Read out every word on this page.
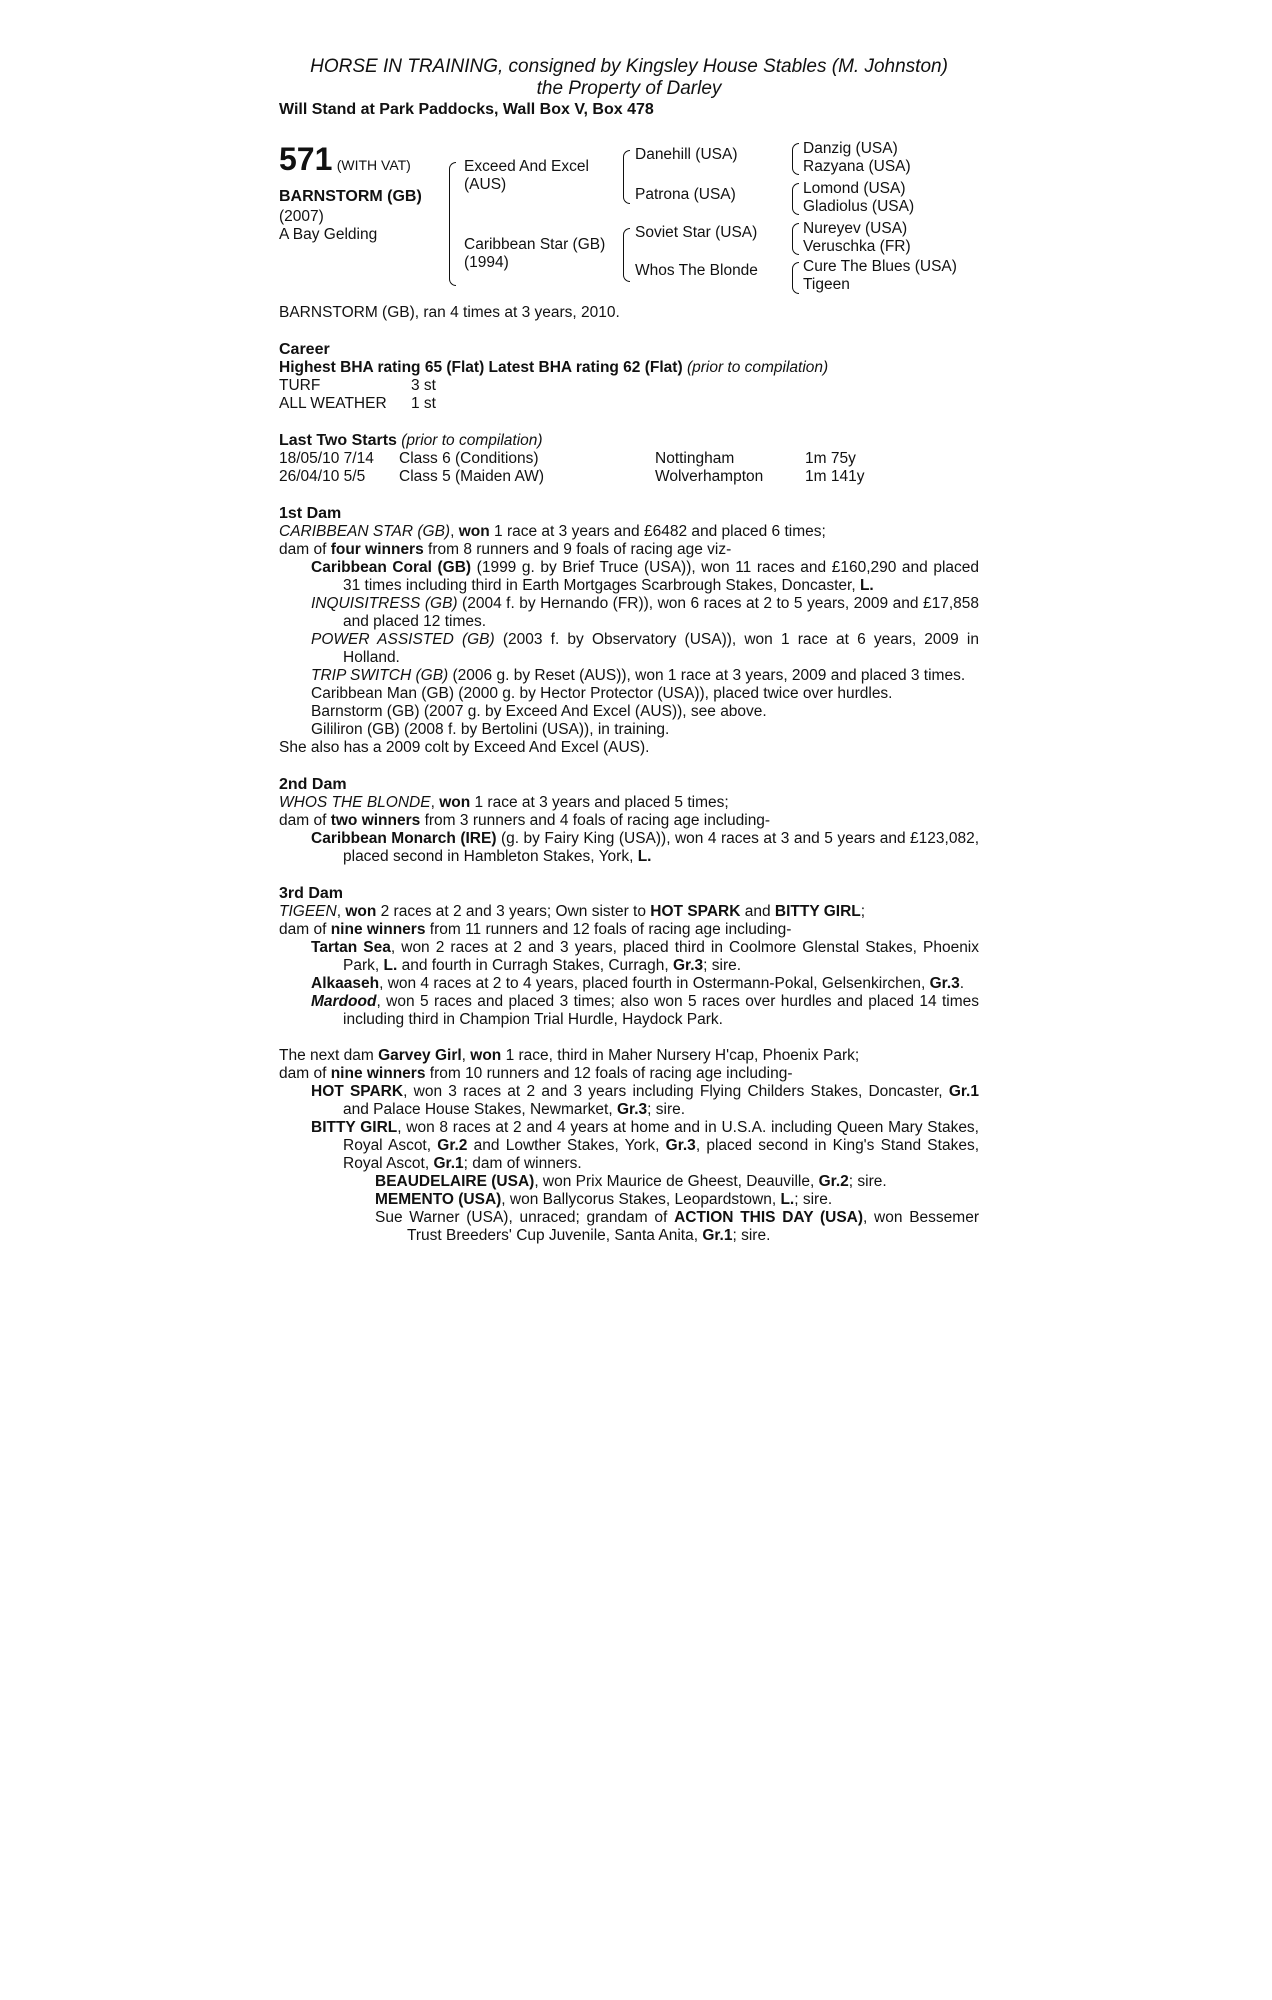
HORSE IN TRAINING, consigned by Kingsley House Stables (M. Johnston)
the Property of Darley
Will Stand at Park Paddocks, Wall Box V, Box 478
571 (WITH VAT)
BARNSTORM (GB)
(2007)
A Bay Gelding
Exceed And Excel
(AUS)
Caribbean Star (GB)
(1994)
Danehill (USA)
Patrona (USA)
Soviet Star (USA)
Whos The Blonde
Danzig (USA)
Razyana (USA)
Lomond (USA)
Gladiolus (USA)
Nureyev (USA)
Veruschka (FR)
Cure The Blues (USA)
Tigeen
BARNSTORM (GB), ran 4 times at 3 years, 2010.
Career
Highest BHA rating 65 (Flat) Latest BHA rating 62 (Flat) (prior to compilation)
TURF	3 st
ALL WEATHER	1 st
Last Two Starts (prior to compilation)
18/05/10 7/14	Class 6 (Conditions)	Nottingham	1m 75y
26/04/10 5/5	Class 5 (Maiden AW)	Wolverhampton	1m 141y
1st Dam

CARIBBEAN STAR (GB), won 1 race at 3 years and £6482 and placed 6 times;

dam of four winners from 8 runners and 9 foals of racing age viz-

Caribbean Coral (GB) (1999 g. by Brief Truce (USA)), won 11 races and £160,290 and placed 31 times including third in Earth Mortgages Scarbrough Stakes, Doncaster, L.

INQUISITRESS (GB) (2004 f. by Hernando (FR)), won 6 races at 2 to 5 years, 2009 and £17,858 and placed 12 times.

POWER ASSISTED (GB) (2003 f. by Observatory (USA)), won 1 race at 6 years, 2009 in Holland.

TRIP SWITCH (GB) (2006 g. by Reset (AUS)), won 1 race at 3 years, 2009 and placed 3 times.

Caribbean Man (GB) (2000 g. by Hector Protector (USA)), placed twice over hurdles.

Barnstorm (GB) (2007 g. by Exceed And Excel (AUS)), see above.

Gililiron (GB) (2008 f. by Bertolini (USA)), in training.

She also has a 2009 colt by Exceed And Excel (AUS).

2nd Dam

WHOS THE BLONDE, won 1 race at 3 years and placed 5 times;

dam of two winners from 3 runners and 4 foals of racing age including-

Caribbean Monarch (IRE) (g. by Fairy King (USA)), won 4 races at 3 and 5 years and £123,082, placed second in Hambleton Stakes, York, L.

3rd Dam

TIGEEN, won 2 races at 2 and 3 years; Own sister to HOT SPARK and BITTY GIRL;

dam of nine winners from 11 runners and 12 foals of racing age including-

Tartan Sea, won 2 races at 2 and 3 years, placed third in Coolmore Glenstal Stakes, Phoenix Park, L. and fourth in Curragh Stakes, Curragh, Gr.3; sire.

Alkaaseh, won 4 races at 2 to 4 years, placed fourth in Ostermann-Pokal, Gelsenkirchen, Gr.3.

Mardood, won 5 races and placed 3 times; also won 5 races over hurdles and placed 14 times including third in Champion Trial Hurdle, Haydock Park.

The next dam Garvey Girl, won 1 race, third in Maher Nursery H'cap, Phoenix Park;

dam of nine winners from 10 runners and 12 foals of racing age including-

HOT SPARK, won 3 races at 2 and 3 years including Flying Childers Stakes, Doncaster, Gr.1 and Palace House Stakes, Newmarket, Gr.3; sire.

BITTY GIRL, won 8 races at 2 and 4 years at home and in U.S.A. including Queen Mary Stakes, Royal Ascot, Gr.2 and Lowther Stakes, York, Gr.3, placed second in King's Stand Stakes, Royal Ascot, Gr.1; dam of winners.

BEAUDELAIRE (USA), won Prix Maurice de Gheest, Deauville, Gr.2; sire.

MEMENTO (USA), won Ballycorus Stakes, Leopardstown, L.; sire.

Sue Warner (USA), unraced; grandam of ACTION THIS DAY (USA), won Bessemer Trust Breeders' Cup Juvenile, Santa Anita, Gr.1; sire.
